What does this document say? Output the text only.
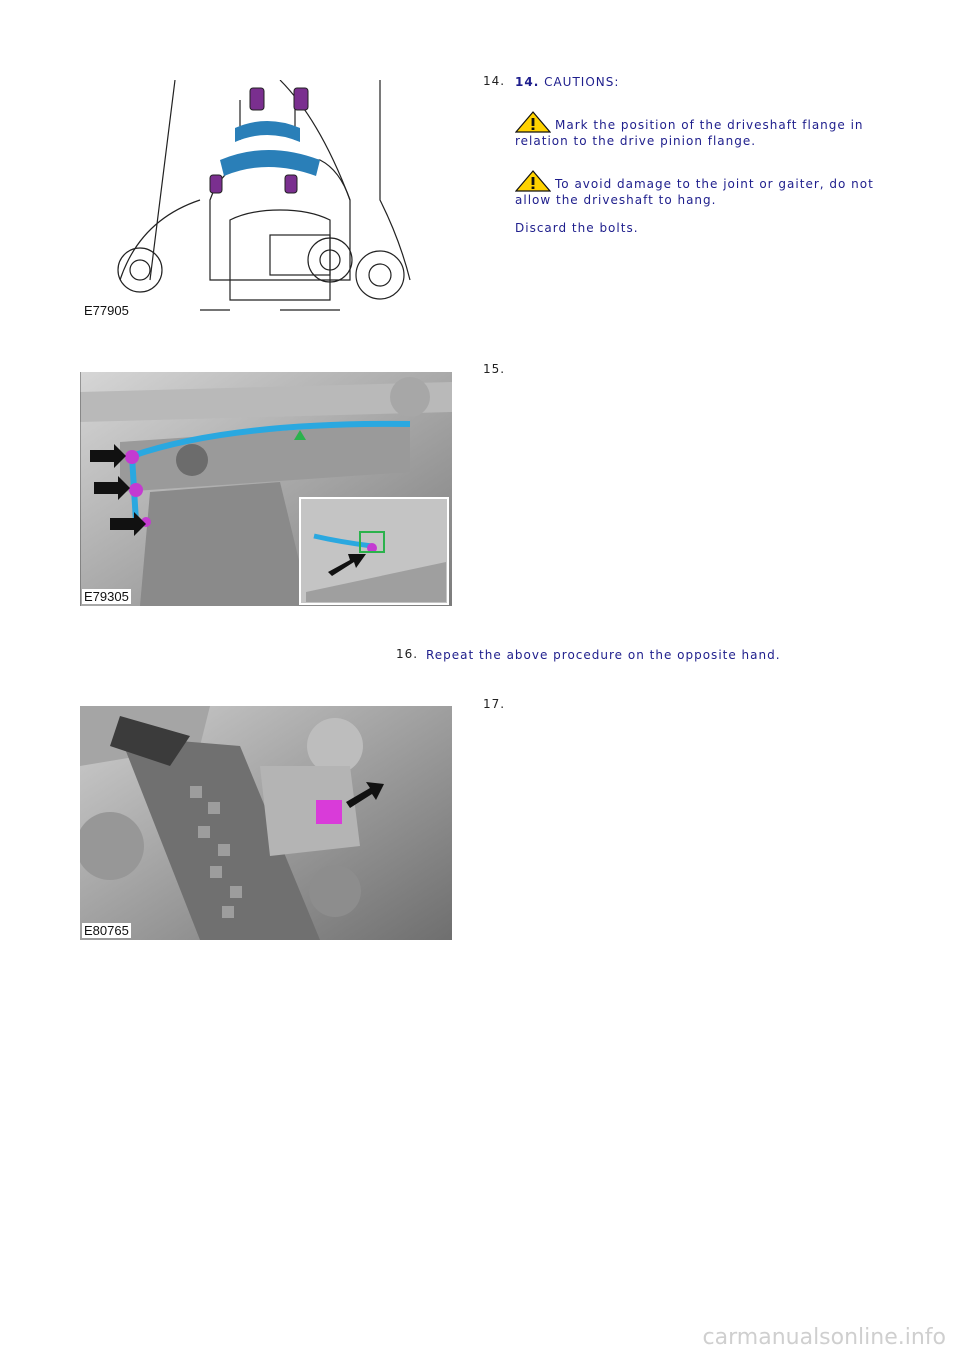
E77905
14. 14. CAUTIONS:
Mark the position of the driveshaft flange in relation to the drive pinion flange.
To avoid damage to the joint or gaiter, do not allow the driveshaft to hang.
Discard the bolts.
E79305
15.
16. Repeat the above procedure on the opposite hand.
E80765
17.
carmanualsonline.info
